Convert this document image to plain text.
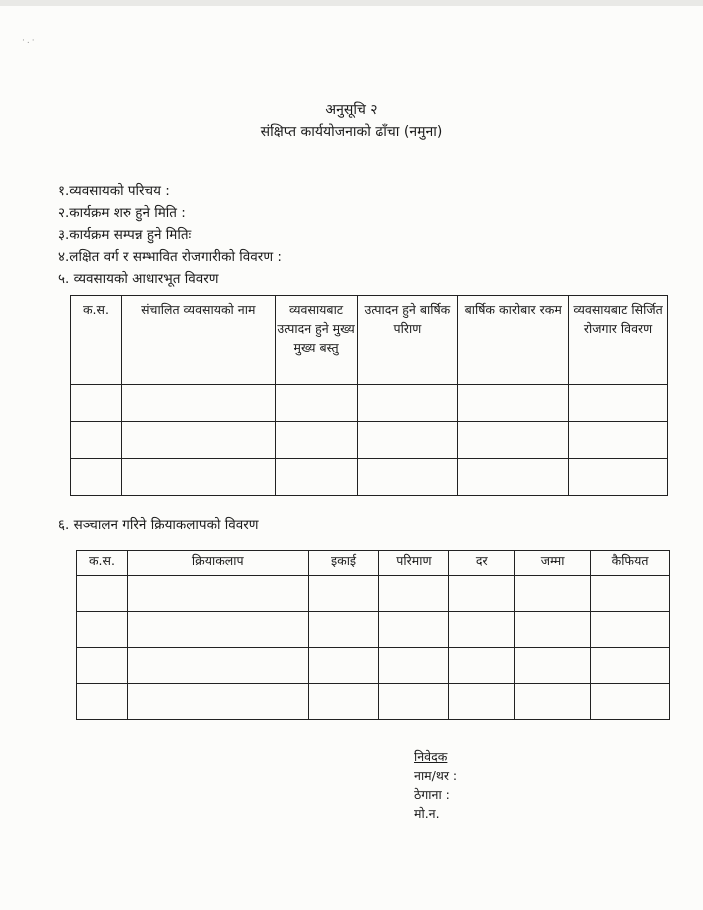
·.·
अनुसूचि २
संक्षिप्त कार्ययोजनाको ढाँचा (नमुना)
१.व्यवसायको परिचय :
२.कार्यक्रम शरु हुने मिति :
३.कार्यक्रम सम्पन्न हुने मितिः
४.लक्षित वर्ग र सम्भावित रोजगारीको विवरण :
५. व्यवसायको आधारभूत विवरण
क.स.	संचालित व्यवसायको नाम	व्यवसायबाट उत्पादन हुने मुख्य मुख्य बस्तु	उत्पादन हुने बार्षिक परिाण	बार्षिक कारोबार रकम	व्यवसायबाट सिर्जित रोजगार विवरण

६. सञ्चालन गरिने क्रियाकलापको विवरण
क.स.	क्रियाकलाप	इकाई	परिमाण	दर	जम्मा	कैफियत

निवेदक
नाम/थर :
ठेगाना :
मो.न.
